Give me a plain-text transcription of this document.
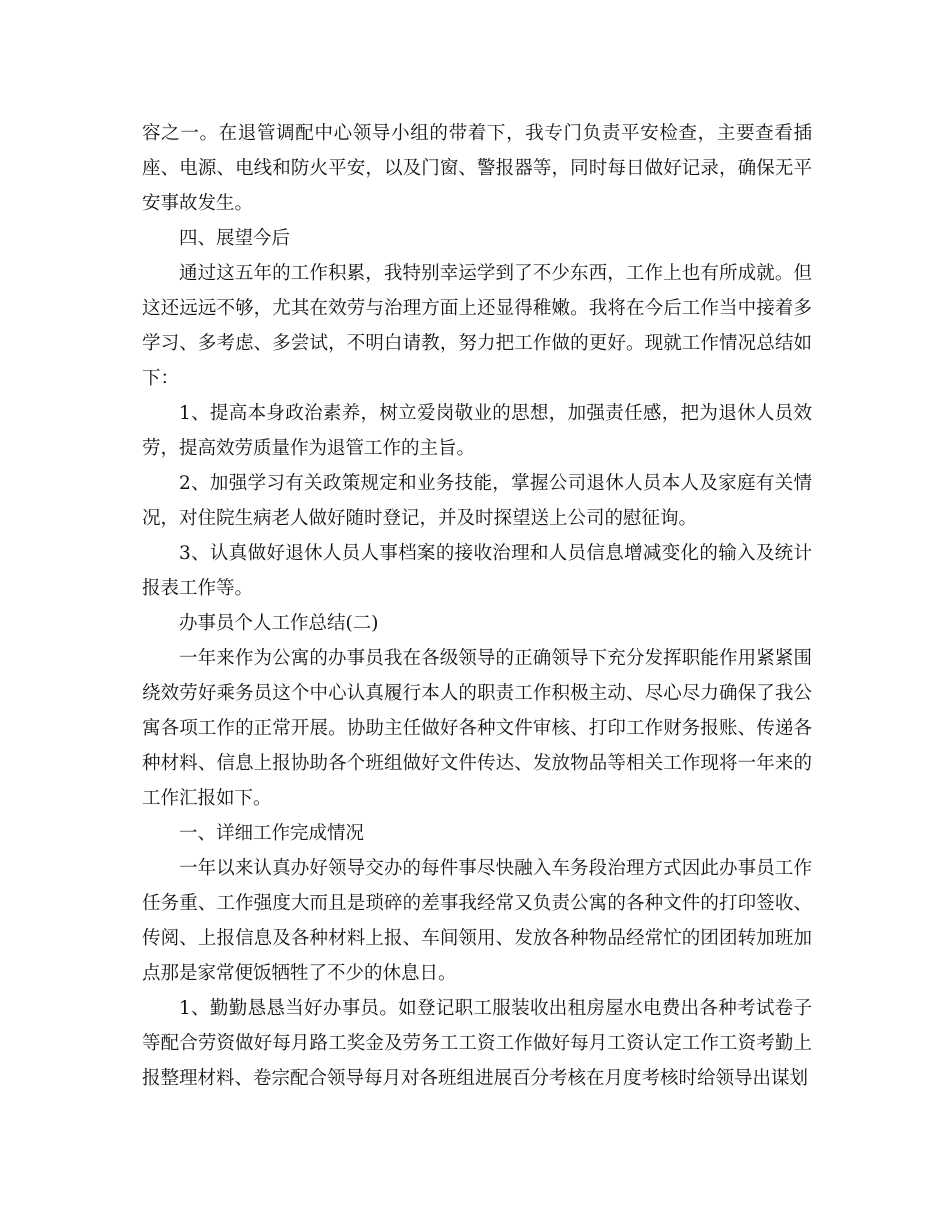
容之一。在退管调配中心领导小组的带着下，我专门负责平安检查，主要查看插座、电源、电线和防火平安，以及门窗、警报器等，同时每日做好记录，确保无平安事故发生。

四、展望今后

通过这五年的工作积累，我特别幸运学到了不少东西，工作上也有所成就。但这还远远不够，尤其在效劳与治理方面上还显得稚嫩。我将在今后工作当中接着多学习、多考虑、多尝试，不明白请教，努力把工作做的更好。现就工作情况总结如下：

1、提高本身政治素养，树立爱岗敬业的思想，加强责任感，把为退休人员效劳，提高效劳质量作为退管工作的主旨。

2、加强学习有关政策规定和业务技能，掌握公司退休人员本人及家庭有关情况，对住院生病老人做好随时登记，并及时探望送上公司的慰征询。

3、认真做好退休人员人事档案的接收治理和人员信息增减变化的输入及统计报表工作等。

办事员个人工作总结(二)

一年来作为公寓的办事员我在各级领导的正确领导下充分发挥职能作用紧紧围绕效劳好乘务员这个中心认真履行本人的职责工作积极主动、尽心尽力确保了我公寓各项工作的正常开展。协助主任做好各种文件审核、打印工作财务报账、传递各种材料、信息上报协助各个班组做好文件传达、发放物品等相关工作现将一年来的工作汇报如下。

一、详细工作完成情况

一年以来认真办好领导交办的每件事尽快融入车务段治理方式因此办事员工作任务重、工作强度大而且是琐碎的差事我经常又负责公寓的各种文件的打印签收、传阅、上报信息及各种材料上报、车间领用、发放各种物品经常忙的团团转加班加点那是家常便饭牺牲了不少的休息日。

1、勤勤恳恳当好办事员。如登记职工服装收出租房屋水电费出各种考试卷子等配合劳资做好每月路工奖金及劳务工工资工作做好每月工资认定工作工资考勤上报整理材料、卷宗配合领导每月对各班组进展百分考核在月度考核时给领导出谋划
